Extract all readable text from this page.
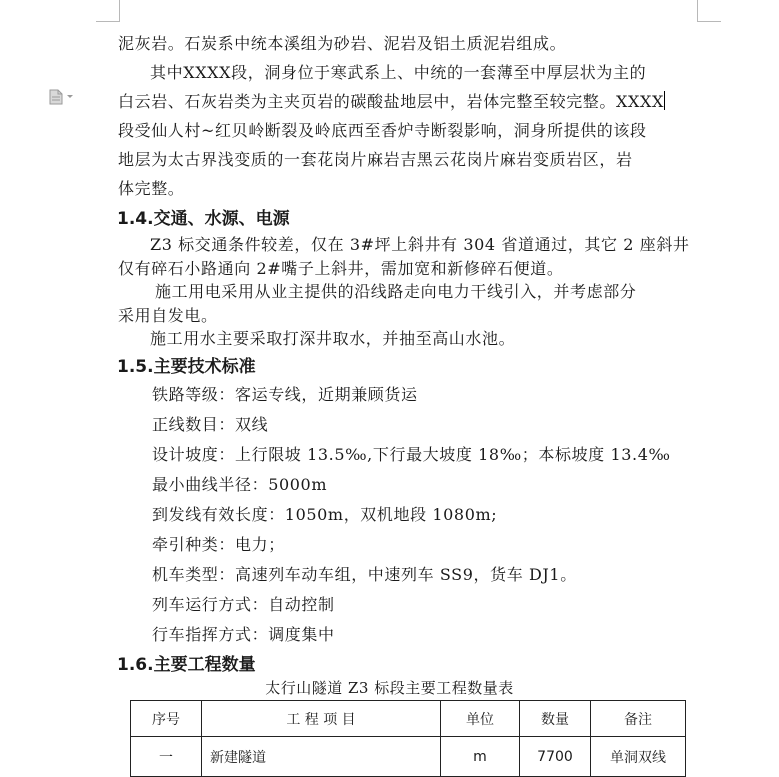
泥灰岩。石炭系中统本溪组为砂岩、泥岩及铝土质泥岩组成。
其中XXXX段，洞身位于寒武系上、中统的一套薄至中厚层状为主的
白云岩、石灰岩类为主夹页岩的碳酸盐地层中，岩体完整至较完整。XXXX
段受仙人村~红贝岭断裂及岭底西至香炉寺断裂影响，洞身所提供的该段
地层为太古界浅变质的一套花岗片麻岩吉黑云花岗片麻岩变质岩区，岩
体完整。
1.4.交通、水源、电源
Z3 标交通条件较差，仅在 3#坪上斜井有 304 省道通过，其它 2 座斜井
仅有碎石小路通向 2#嘴子上斜井，需加宽和新修碎石便道。
施工用电采用从业主提供的沿线路走向电力干线引入，并考虑部分
采用自发电。
施工用水主要采取打深井取水，并抽至高山水池。
1.5.主要技术标准
铁路等级：客运专线，近期兼顾货运
正线数目：双线
设计坡度：上行限坡 13.5‰,下行最大坡度 18‰；本标坡度 13.4‰
最小曲线半径：5000m
到发线有效长度：1050m，双机地段 1080m;
牵引种类：电力；
机车类型：高速列车动车组，中速列车 SS9，货车 DJ1。
列车运行方式：自动控制
行车指挥方式：调度集中
1.6.主要工程数量
太行山隧道 Z3 标段主要工程数量表
序号	工 程 项 目	单位	数量	备注
一	新建隧道	m	7700	单洞双线
